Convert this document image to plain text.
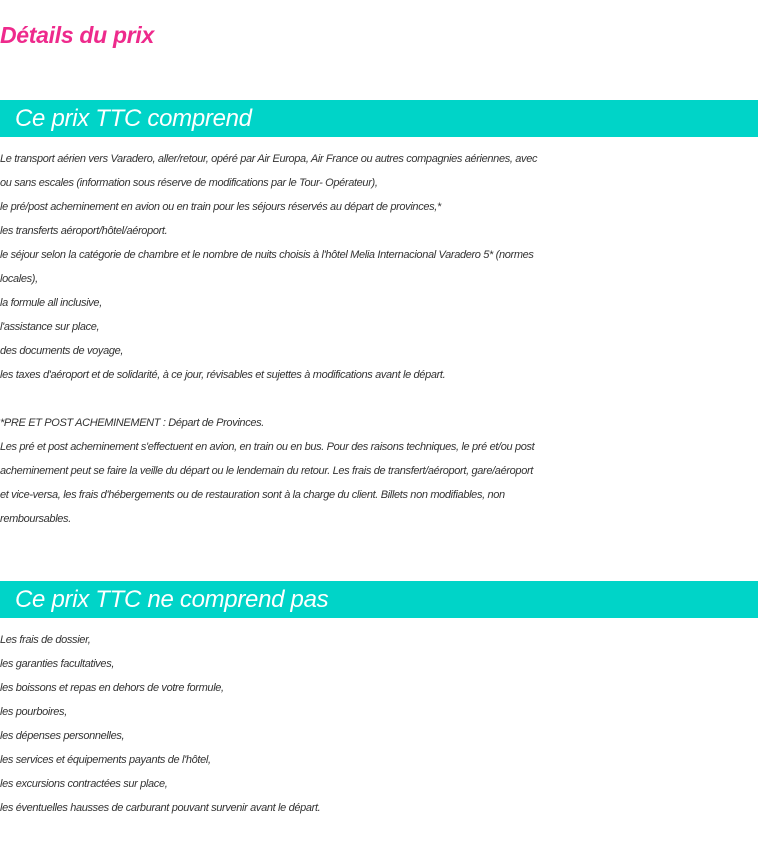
Détails du prix
Ce prix TTC comprend
Le transport aérien vers Varadero, aller/retour, opéré par Air Europa, Air France ou autres compagnies aériennes, avec
ou sans escales (information sous réserve de modifications par le Tour- Opérateur),
le pré/post acheminement en avion ou en train pour les séjours réservés au départ de provinces,*
les transferts aéroport/hôtel/aéroport.
le séjour selon la catégorie de chambre et le nombre de nuits choisis à l'hôtel Melia Internacional Varadero 5* (normes
locales),
la formule all inclusive,
l'assistance sur place,
des documents de voyage,
les taxes d'aéroport et de solidarité, à ce jour, révisables et sujettes à modifications avant le départ.
*PRE ET POST ACHEMINEMENT : Départ de Provinces.
Les pré et post acheminement s'effectuent en avion, en train ou en bus. Pour des raisons techniques, le pré et/ou post
acheminement peut se faire la veille du départ ou le lendemain du retour. Les frais de transfert/aéroport, gare/aéroport
et vice-versa, les frais d'hébergements ou de restauration sont à la charge du client. Billets non modifiables, non
remboursables.
Ce prix TTC ne comprend pas
Les frais de dossier,
les garanties facultatives,
les boissons et repas en dehors de votre formule,
les pourboires,
les dépenses personnelles,
les services et équipements payants de l'hôtel,
les excursions contractées sur place,
les éventuelles hausses de carburant pouvant survenir avant le départ.
